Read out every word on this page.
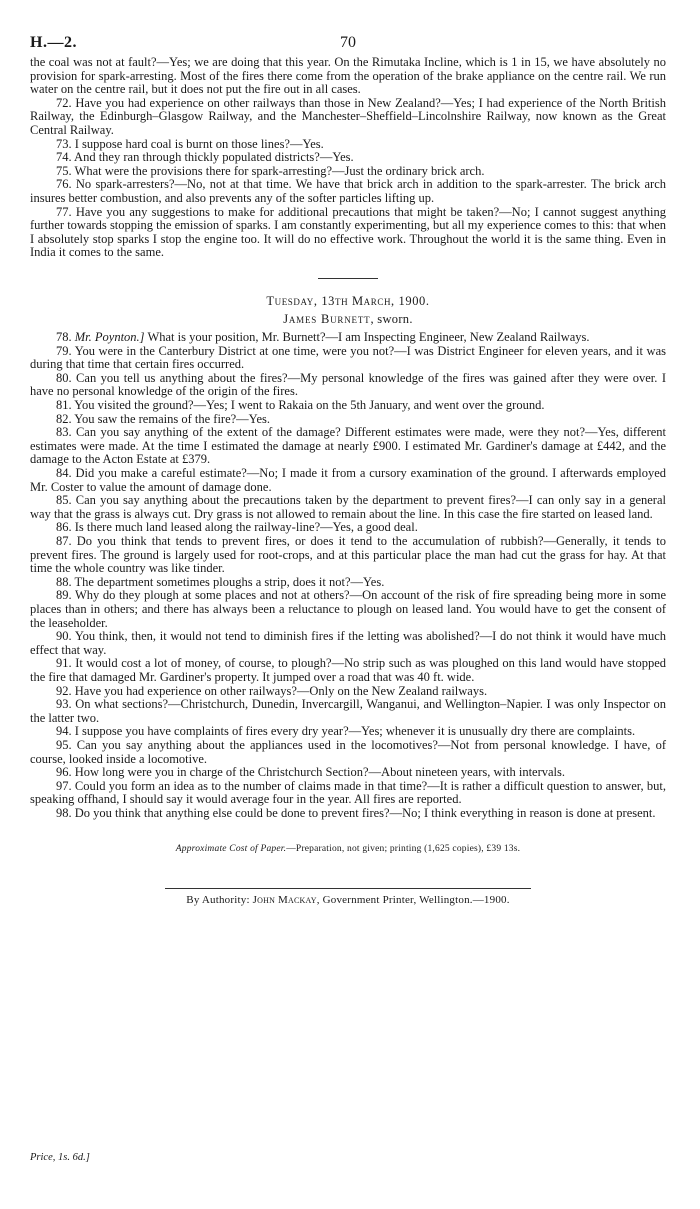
H.—2.	70

the coal was not at fault?—Yes; we are doing that this year. On the Rimutaka Incline, which is 1 in 15, we have absolutely no provision for spark-arresting. Most of the fires there come from the operation of the brake appliance on the centre rail. We run water on the centre rail, but it does not put the fire out in all cases.

72. Have you had experience on other railways than those in New Zealand?—Yes; I had experience of the North British Railway, the Edinburgh–Glasgow Railway, and the Manchester–Sheffield–Lincolnshire Railway, now known as the Great Central Railway.

73. I suppose hard coal is burnt on those lines?—Yes.

74. And they ran through thickly populated districts?—Yes.

75. What were the provisions there for spark-arresting?—Just the ordinary brick arch.

76. No spark-arresters?—No, not at that time. We have that brick arch in addition to the spark-arrester. The brick arch insures better combustion, and also prevents any of the softer particles lifting up.

77. Have you any suggestions to make for additional precautions that might be taken?—No; I cannot suggest anything further towards stopping the emission of sparks. I am constantly experimenting, but all my experience comes to this: that when I absolutely stop sparks I stop the engine too. It will do no effective work. Throughout the world it is the same thing. Even in India it comes to the same.

Tuesday, 13th March, 1900.
James Burnett, sworn.

78. Mr. Poynton.] What is your position, Mr. Burnett?—I am Inspecting Engineer, New Zealand Railways.

79. You were in the Canterbury District at one time, were you not?—I was District Engineer for eleven years, and it was during that time that certain fires occurred.

80. Can you tell us anything about the fires?—My personal knowledge of the fires was gained after they were over. I have no personal knowledge of the origin of the fires.

81. You visited the ground?—Yes; I went to Rakaia on the 5th January, and went over the ground.

82. You saw the remains of the fire?—Yes.

83. Can you say anything of the extent of the damage? Different estimates were made, were they not?—Yes, different estimates were made. At the time I estimated the damage at nearly £900. I estimated Mr. Gardiner's damage at £442, and the damage to the Acton Estate at £379.

84. Did you make a careful estimate?—No; I made it from a cursory examination of the ground. I afterwards employed Mr. Coster to value the amount of damage done.

85. Can you say anything about the precautions taken by the department to prevent fires?—I can only say in a general way that the grass is always cut. Dry grass is not allowed to remain about the line. In this case the fire started on leased land.

86. Is there much land leased along the railway-line?—Yes, a good deal.

87. Do you think that tends to prevent fires, or does it tend to the accumulation of rubbish?—Generally, it tends to prevent fires. The ground is largely used for root-crops, and at this particular place the man had cut the grass for hay. At that time the whole country was like tinder.

88. The department sometimes ploughs a strip, does it not?—Yes.

89. Why do they plough at some places and not at others?—On account of the risk of fire spreading being more in some places than in others; and there has always been a reluctance to plough on leased land. You would have to get the consent of the leaseholder.

90. You think, then, it would not tend to diminish fires if the letting was abolished?—I do not think it would have much effect that way.

91. It would cost a lot of money, of course, to plough?—No strip such as was ploughed on this land would have stopped the fire that damaged Mr. Gardiner's property. It jumped over a road that was 40 ft. wide.

92. Have you had experience on other railways?—Only on the New Zealand railways.

93. On what sections?—Christchurch, Dunedin, Invercargill, Wanganui, and Wellington–Napier. I was only Inspector on the latter two.

94. I suppose you have complaints of fires every dry year?—Yes; whenever it is unusually dry there are complaints.

95. Can you say anything about the appliances used in the locomotives?—Not from personal knowledge. I have, of course, looked inside a locomotive.

96. How long were you in charge of the Christchurch Section?—About nineteen years, with intervals.

97. Could you form an idea as to the number of claims made in that time?—It is rather a difficult question to answer, but, speaking offhand, I should say it would average four in the year. All fires are reported.

98. Do you think that anything else could be done to prevent fires?—No; I think everything in reason is done at present.

Approximate Cost of Paper.—Preparation, not given; printing (1,625 copies), £39 13s.
By Authority: John Mackay, Government Printer, Wellington.—1900.
Price, 1s. 6d.]
